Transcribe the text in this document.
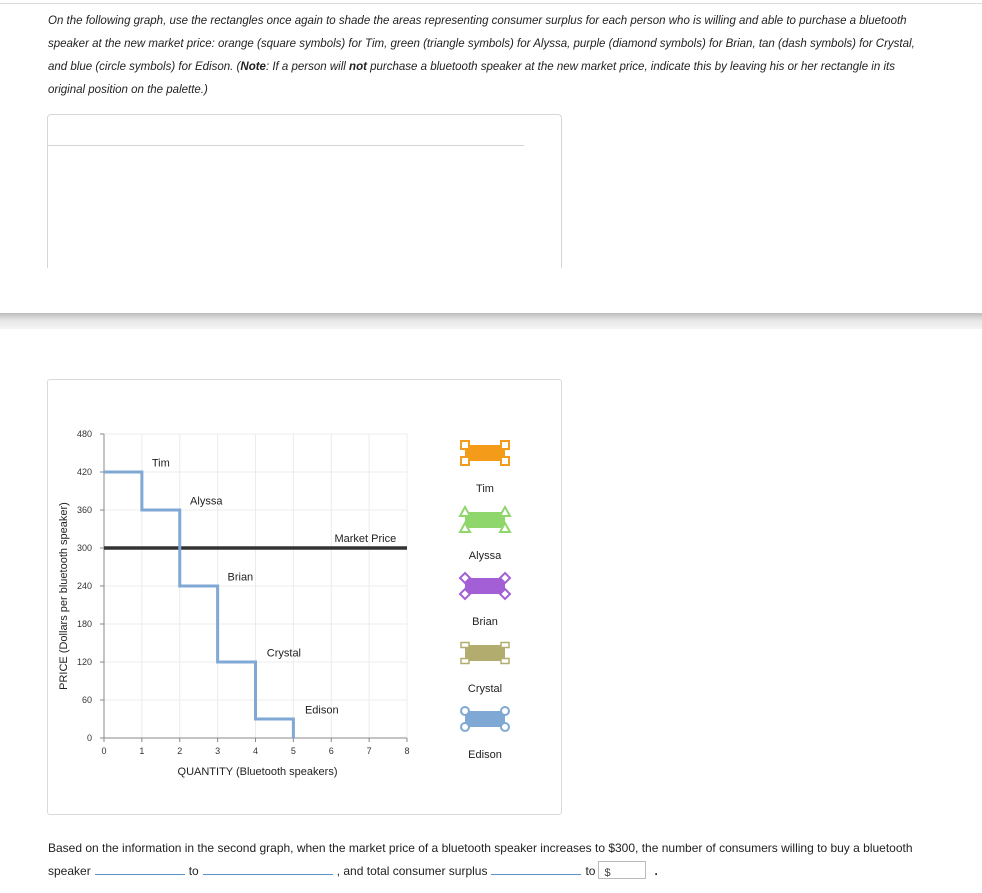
On the following graph, use the rectangles once again to shade the areas representing consumer surplus for each person who is willing and able to purchase a bluetooth speaker at the new market price: orange (square symbols) for Tim, green (triangle symbols) for Alyssa, purple (diamond symbols) for Brian, tan (dash symbols) for Crystal, and blue (circle symbols) for Edison. (Note: If a person will not purchase a bluetooth speaker at the new market price, indicate this by leaving his or her rectangle in its original position on the palette.)
0
60
120
180
240
300
360
420
480
0	1	2	3	4	5	6	7	8
QUANTITY (Bluetooth speakers)
PRICE (Dollars per bluetooth speaker)	Market Price
Tim
Alyssa
Brian
Crystal
Edison
Tim
Alyssa
Brian
Crystal
Edison
Based on the information in the second graph, when the market price of a bluetooth speaker increases to $300, the number of consumers willing to buy a bluetooth speaker	to	, and total consumer surplus	to $	.
